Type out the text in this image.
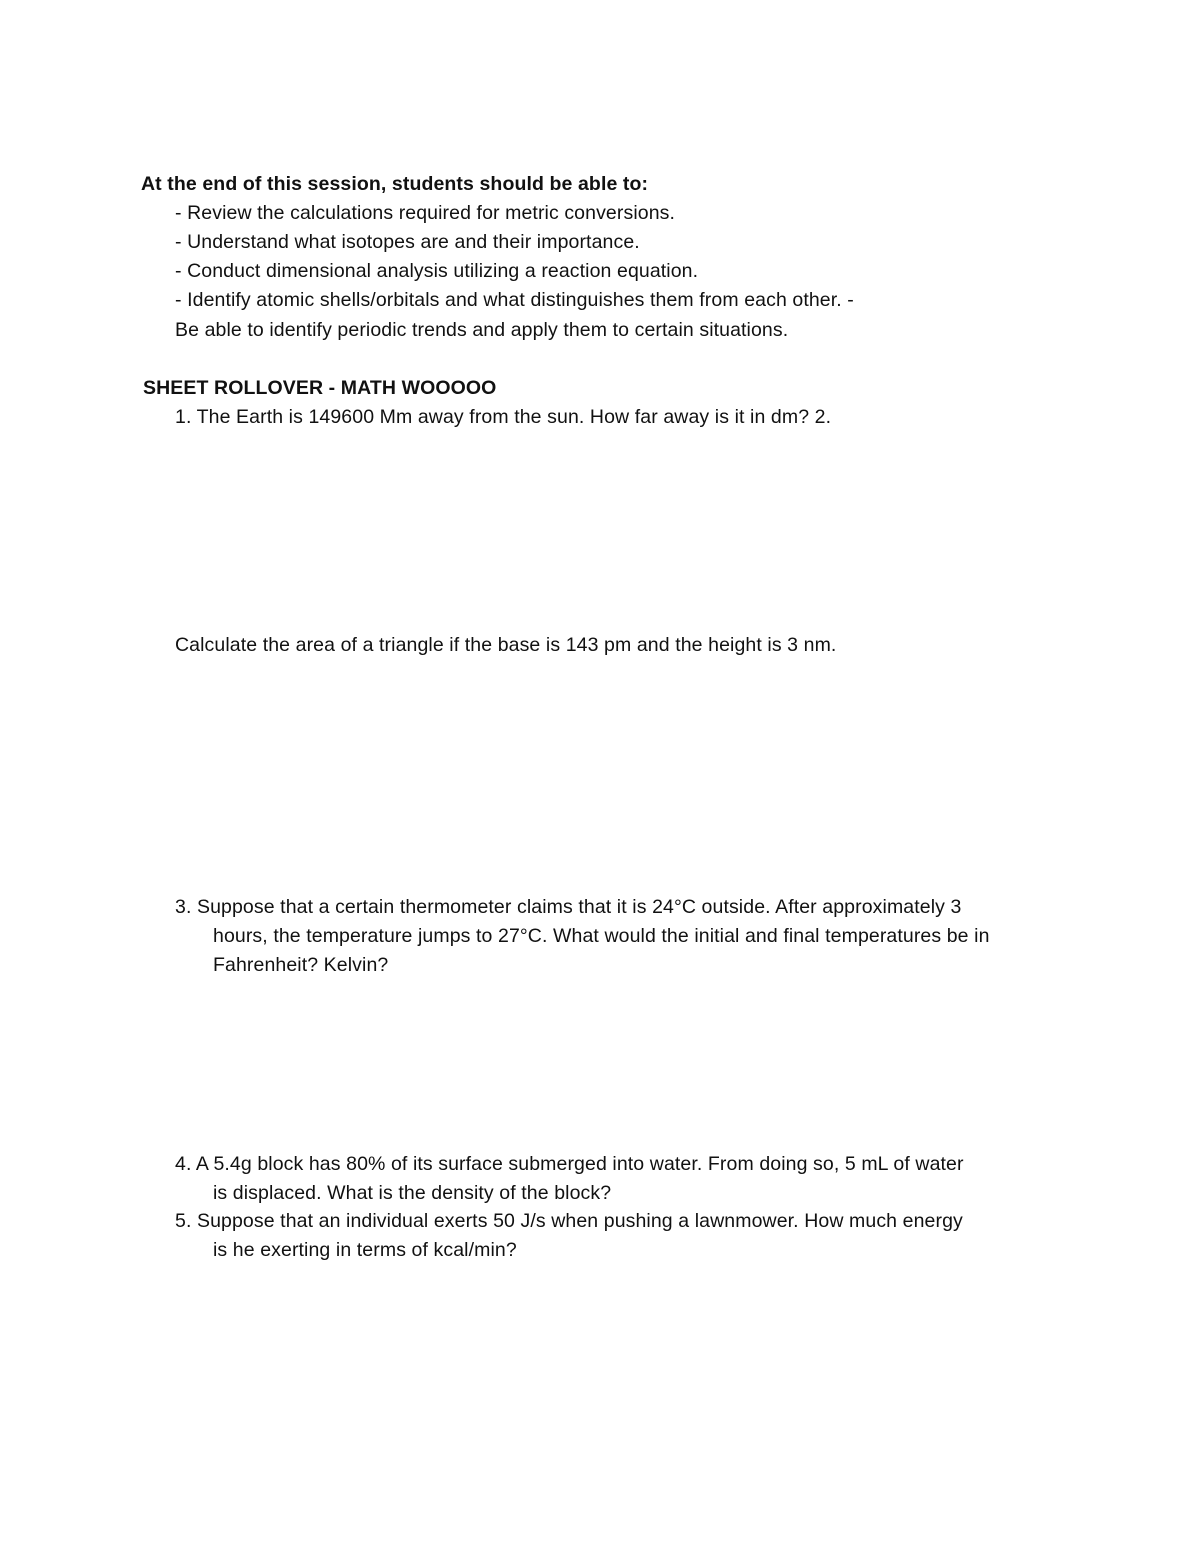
At the end of this session, students should be able to:
- Review the calculations required for metric conversions.
- Understand what isotopes are and their importance.
- Conduct dimensional analysis utilizing a reaction equation.
- Identify atomic shells/orbitals and what distinguishes them from each other. -
Be able to identify periodic trends and apply them to certain situations.
SHEET ROLLOVER - MATH WOOOOO
1. The Earth is 149600 Mm away from the sun. How far away is it in dm? 2.
Calculate the area of a triangle if the base is 143 pm and the height is 3 nm.
3. Suppose that a certain thermometer claims that it is 24°C outside. After approximately 3
hours, the temperature jumps to 27°C. What would the initial and final temperatures be in
Fahrenheit? Kelvin?
4. A 5.4g block has 80% of its surface submerged into water. From doing so, 5 mL of water
is displaced. What is the density of the block?
5. Suppose that an individual exerts 50 J/s when pushing a lawnmower. How much energy
is he exerting in terms of kcal/min?
